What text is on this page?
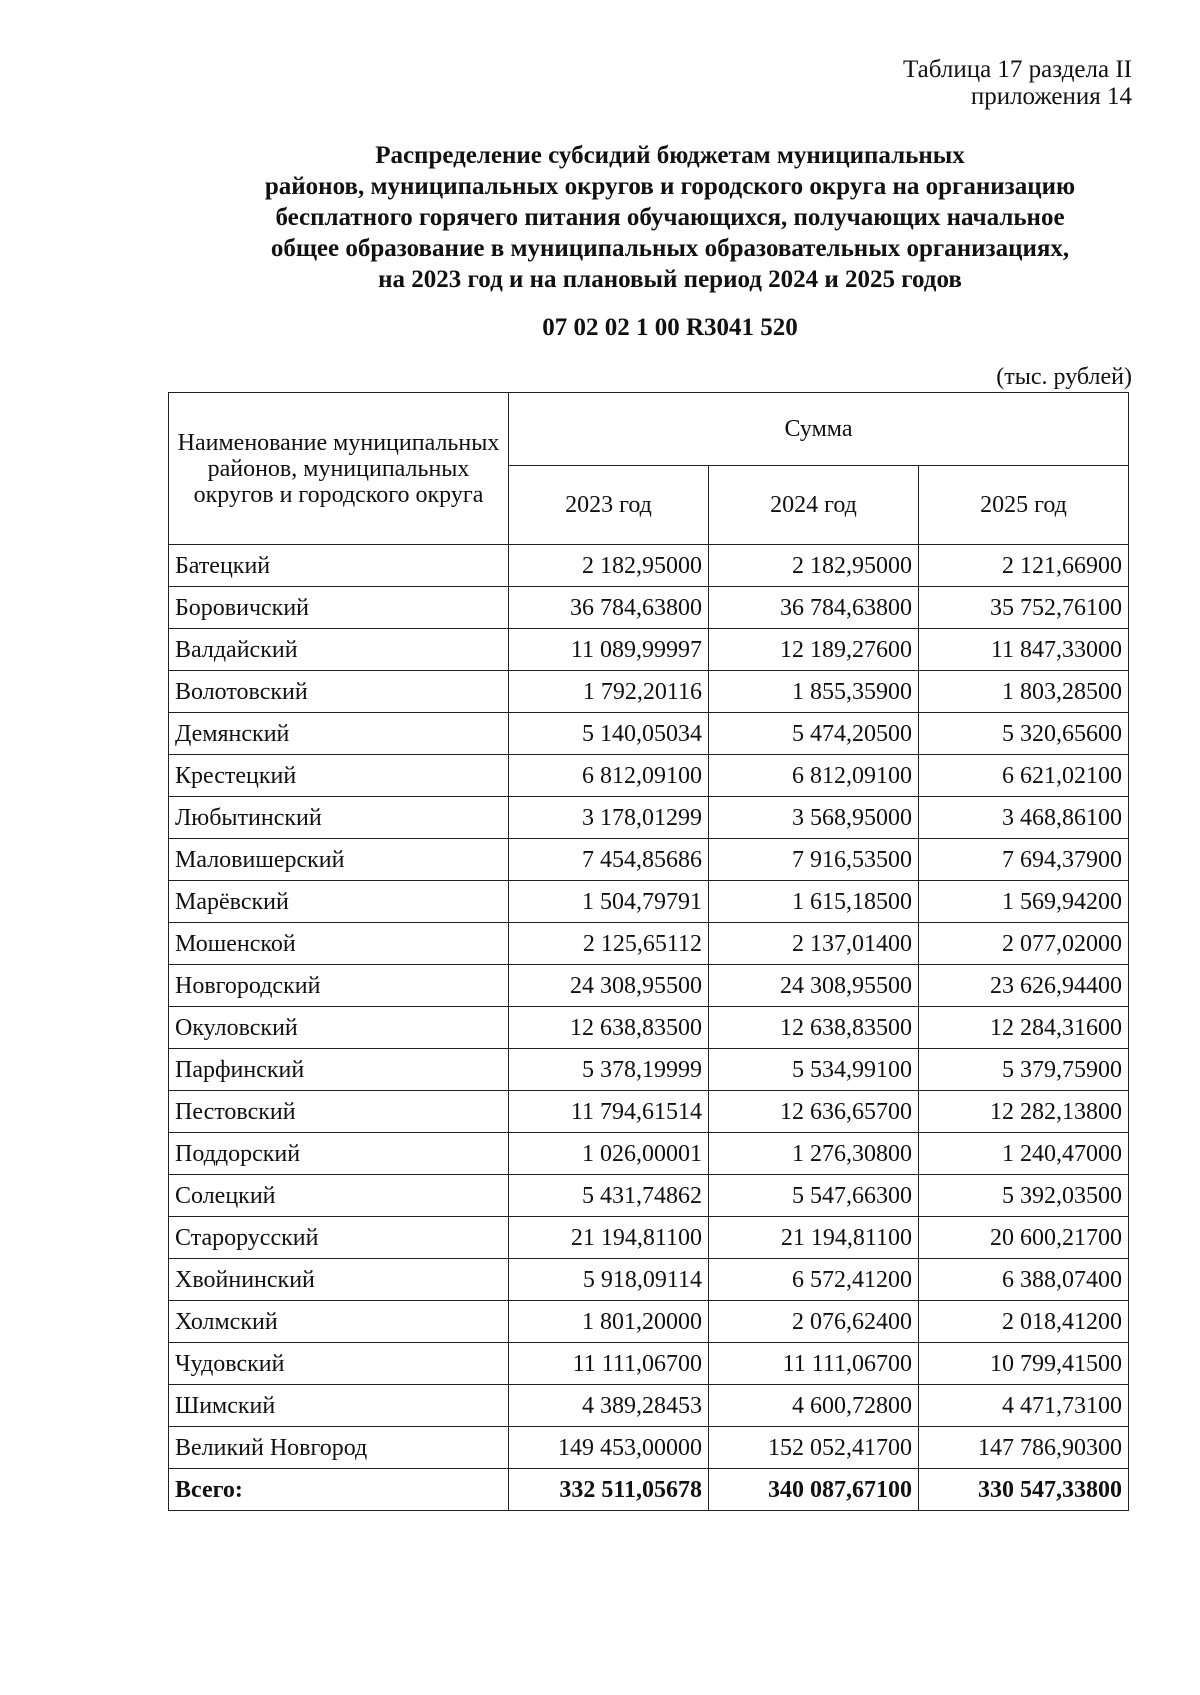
Таблица 17 раздела II
приложения 14
Распределение субсидий бюджетам муниципальных
районов, муниципальных округов и городского округа на организацию
бесплатного горячего питания обучающихся, получающих начальное
общее образование в муниципальных образовательных организациях,
на 2023 год и на плановый период 2024 и 2025 годов
07 02 02 1 00 R3041 520
(тыс. рублей)
Наименование муниципальных районов, муниципальных округов и городского округа	Сумма		
	2023 год	2024 год	2025 год
Батецкий	2 182,95000	2 182,95000	2 121,66900
Боровичский	36 784,63800	36 784,63800	35 752,76100
Валдайский	11 089,99997	12 189,27600	11 847,33000
Волотовский	1 792,20116	1 855,35900	1 803,28500
Демянский	5 140,05034	5 474,20500	5 320,65600
Крестецкий	6 812,09100	6 812,09100	6 621,02100
Любытинский	3 178,01299	3 568,95000	3 468,86100
Маловишерский	7 454,85686	7 916,53500	7 694,37900
Марёвский	1 504,79791	1 615,18500	1 569,94200
Мошенской	2 125,65112	2 137,01400	2 077,02000
Новгородский	24 308,95500	24 308,95500	23 626,94400
Окуловский	12 638,83500	12 638,83500	12 284,31600
Парфинский	5 378,19999	5 534,99100	5 379,75900
Пестовский	11 794,61514	12 636,65700	12 282,13800
Поддорский	1 026,00001	1 276,30800	1 240,47000
Солецкий	5 431,74862	5 547,66300	5 392,03500
Старорусский	21 194,81100	21 194,81100	20 600,21700
Хвойнинский	5 918,09114	6 572,41200	6 388,07400
Холмский	1 801,20000	2 076,62400	2 018,41200
Чудовский	11 111,06700	11 111,06700	10 799,41500
Шимский	4 389,28453	4 600,72800	4 471,73100
Великий Новгород	149 453,00000	152 052,41700	147 786,90300
Всего:	332 511,05678	340 087,67100	330 547,33800
